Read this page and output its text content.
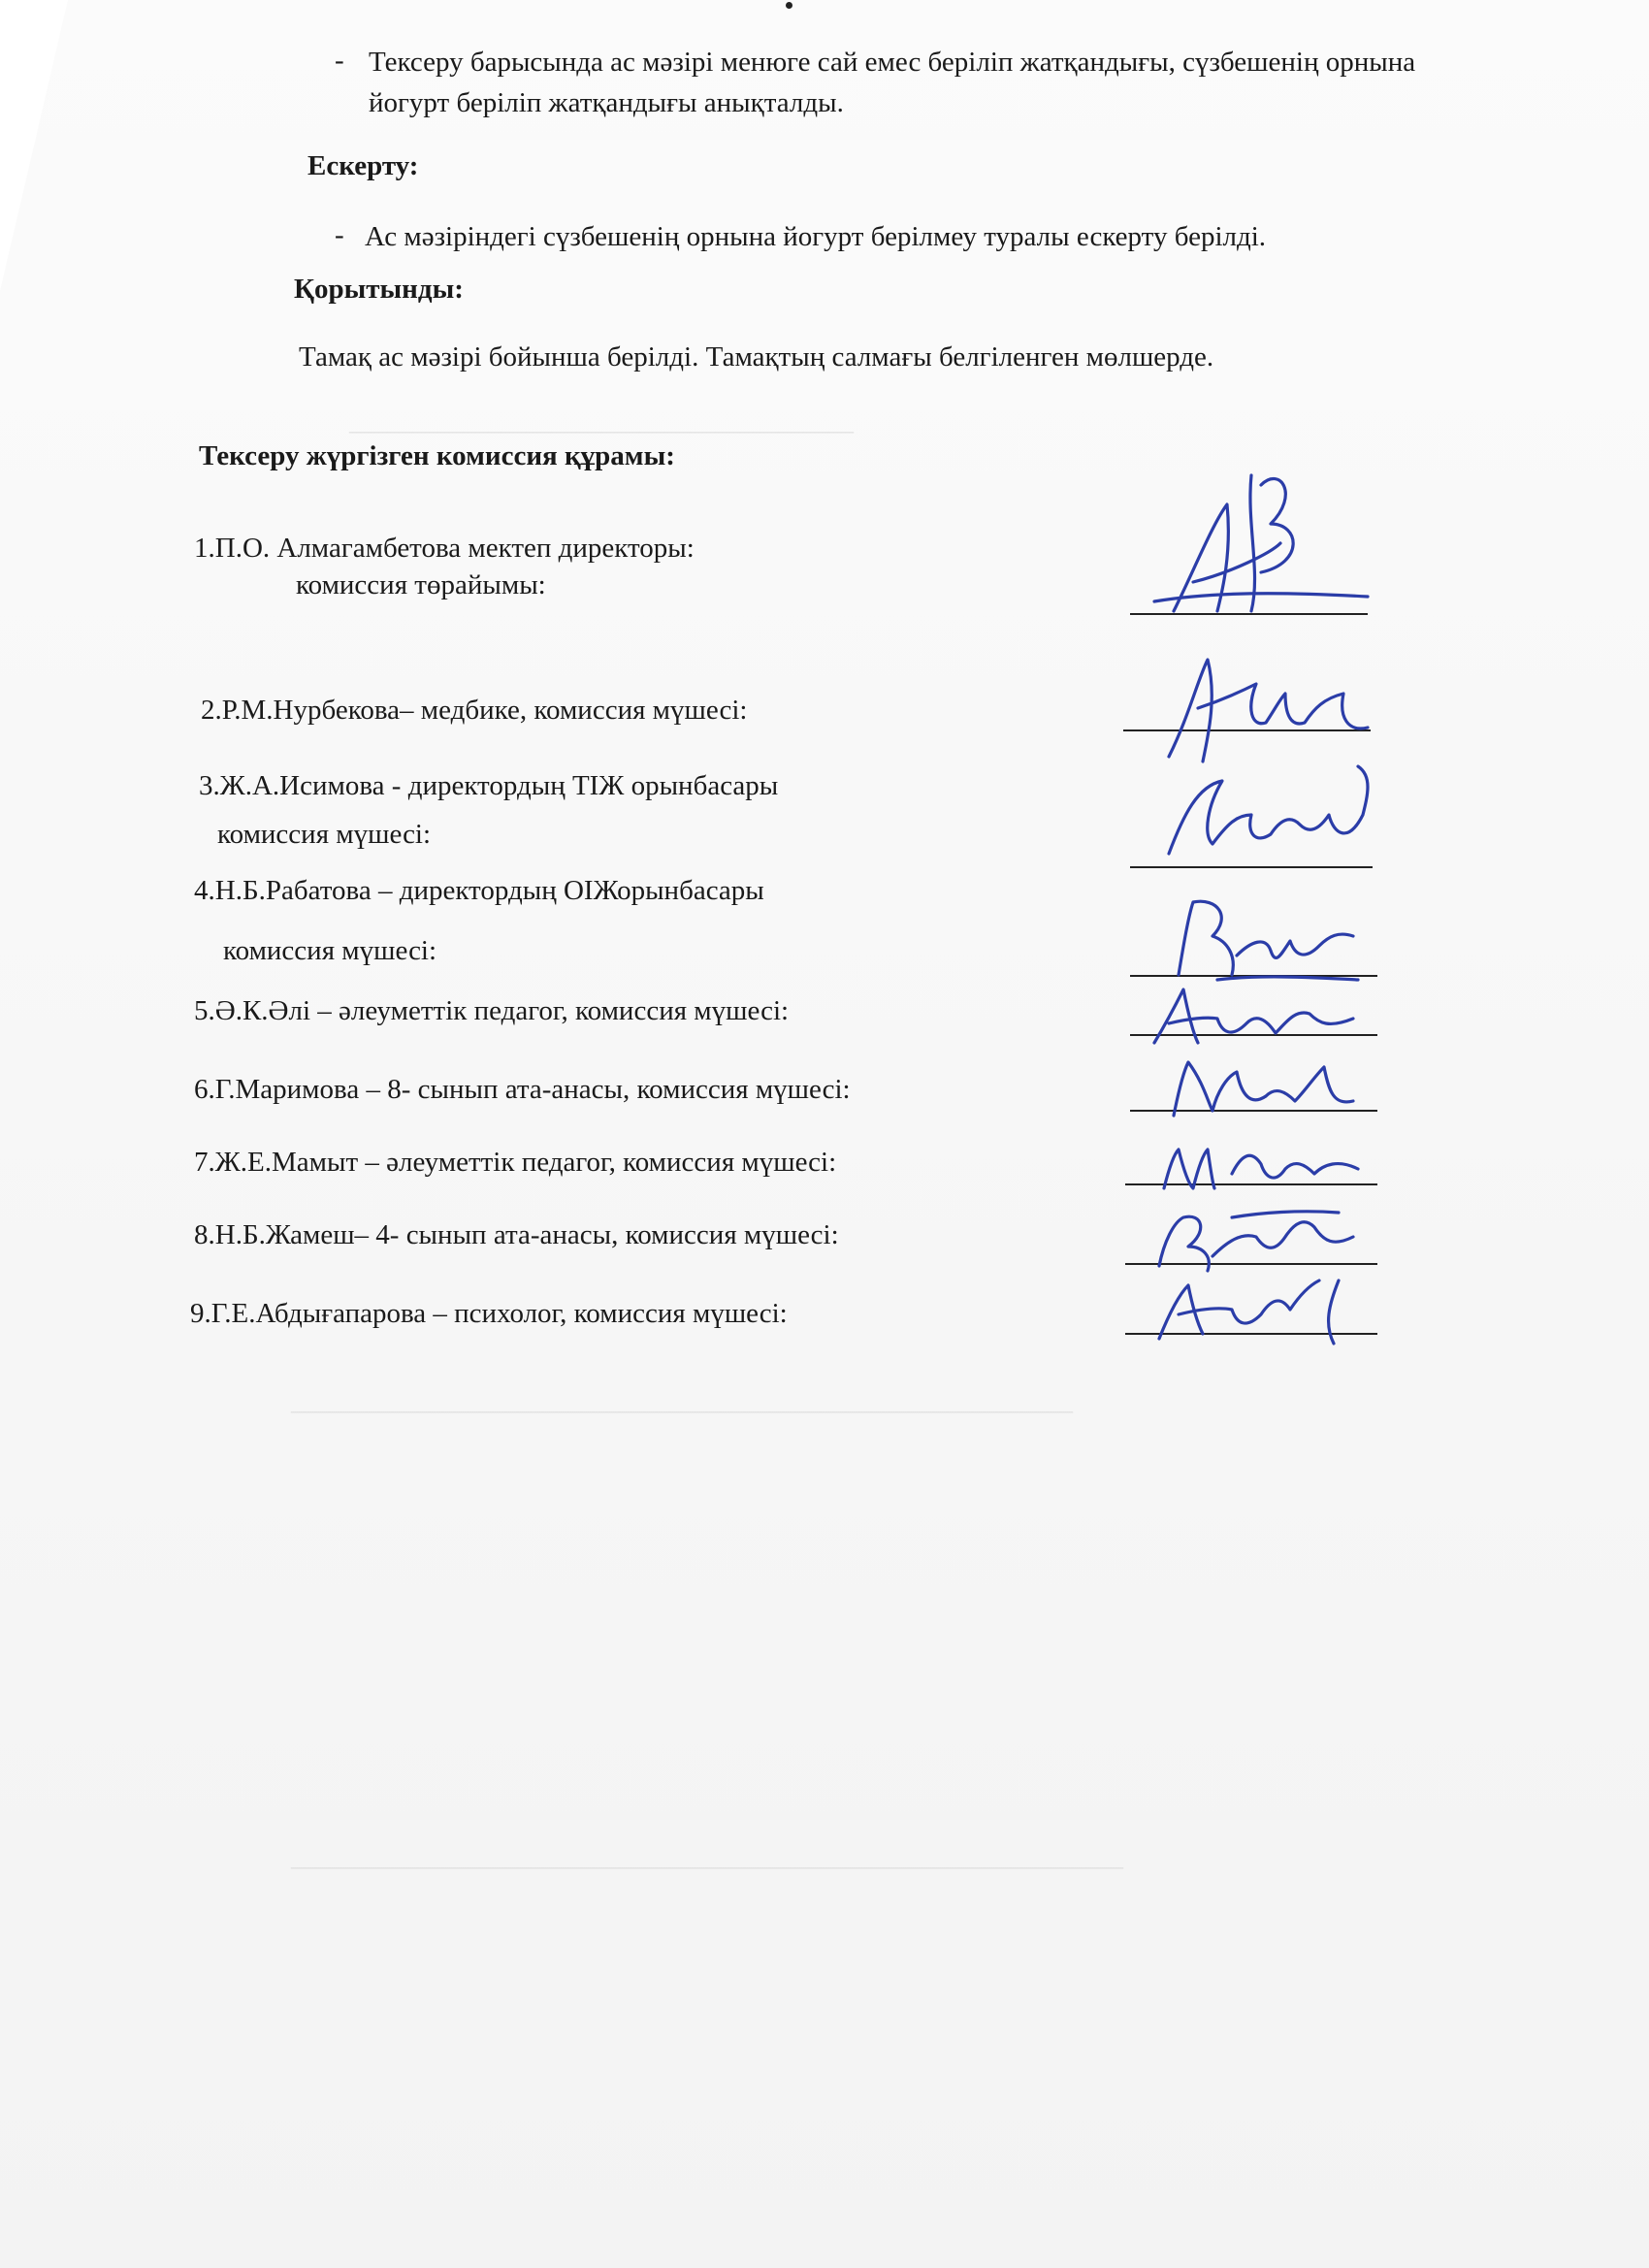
________________________________________
______________________________________________________________
__________________________________________________________________
- Тексеру барысында ас мәзірі менюге сай емес беріліп жатқандығы, сүзбешенің орнына
йогурт беріліп жатқандығы анықталды.
Ескерту:
- Ас мәзіріндегі сүзбешенің орнына йогурт берілмеу туралы ескерту берілді.
Қорытынды:
Тамақ ас мәзірі бойынша берілді. Тамақтың салмағы белгіленген мөлшерде.
Тексеру жүргізген комиссия құрамы:
1.П.О. Алмагамбетова мектеп директоры:
комиссия төрайымы:
2.Р.М.Нурбекова– медбике, комиссия мүшесі:
3.Ж.А.Исимова - директордың ТІЖ орынбасары
комиссия мүшесі:
4.Н.Б.Рабатова – директордың ОІЖорынбасары
комиссия мүшесі:
5.Ә.К.Әлі – әлеуметтік педагог, комиссия мүшесі:
6.Г.Маримова – 8- сынып ата-анасы, комиссия мүшесі:
7.Ж.Е.Мамыт – әлеуметтік педагог, комиссия мүшесі:
8.Н.Б.Жамеш– 4- сынып ата-анасы, комиссия мүшесі:
9.Г.Е.Абдығапарова – психолог, комиссия мүшесі:
